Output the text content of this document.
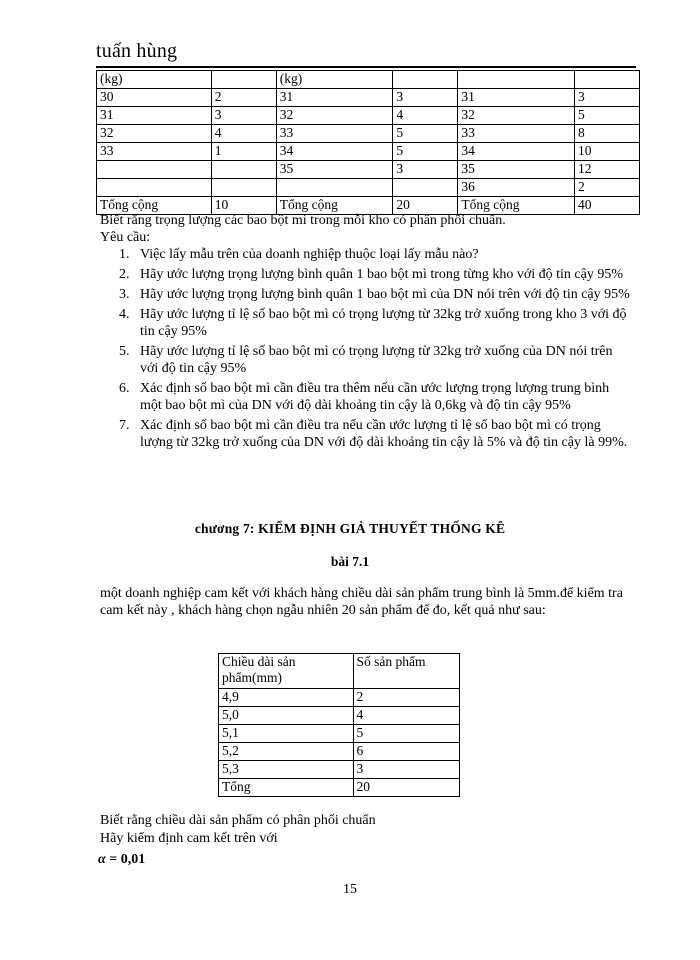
tuấn hùng
(kg)		(kg)			
30	2	31	3	31	3
31	3	32	4	32	5
32	4	33	5	33	8
33	1	34	5	34	10
		35	3	35	12
				36	2
Tổng cộng	10	Tổng cộng	20	Tổng cộng	40
Biết rằng trọng lượng các bao bột mì trong mỗi kho có phân phối chuẩn.
Yêu cầu:
1. Việc lấy mẫu trên của doanh nghiệp thuộc loại lấy mẫu nào?
2. Hãy ước lượng trọng lượng bình quân 1 bao bột mì trong từng kho với độ tin cậy 95%
3. Hãy ước lượng trọng lượng bình quân 1 bao bột mì của DN nói trên với độ tin cậy 95%
4. Hãy ước lượng tỉ lệ số bao bột mì có trọng lượng từ 32kg trở xuống trong kho 3 với độ tin cậy 95%
5. Hãy ước lượng tỉ lệ số bao bột mì có trọng lượng từ 32kg trở xuống của DN nói trên với độ tin cậy 95%
6. Xác định số bao bột mì cần điều tra thêm nếu cần ước lượng trọng lượng trung bình một bao bột mì của DN với độ dài khoảng tin cậy là 0,6kg và độ tin cậy 95%
7. Xác định số bao bột mì cần điều tra nếu cần ước lượng tỉ lệ số bao bột mì có trọng lượng từ 32kg trở xuống của DN với độ dài khoảng tin cậy là 5% và độ tin cậy là 99%.
chương 7: KIỂM ĐỊNH GIẢ THUYẾT THỐNG KÊ
bài 7.1
một doanh nghiệp cam kết với khách hàng chiều dài sản phẩm trung bình là 5mm.để kiểm tra cam kết này , khách hàng chọn ngẫu nhiên 20 sản phẩm để đo, kết quả như sau:
Chiều dài sản phẩm(mm)	Số sản phẩm
4,9	2
5,0	4
5,1	5
5,2	6
5,3	3
Tổng	20
Biết rằng chiều dài sản phẩm có phân phối chuẩn
Hãy kiểm định cam kết trên với
α = 0,01
15
